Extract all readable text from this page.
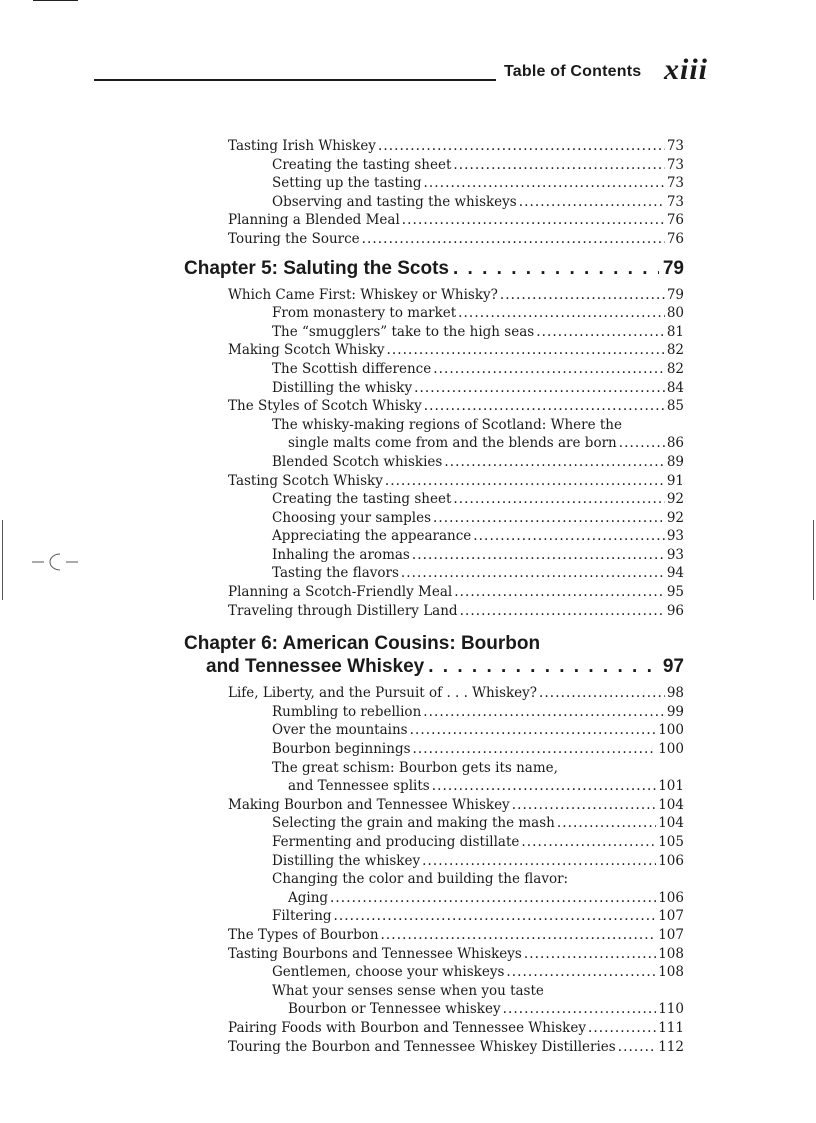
Table of Contents xiii
Tasting Irish Whiskey . . .	73
Creating the tasting sheet . . .	73
Setting up the tasting . . .	73
Observing and tasting the whiskeys . . .	73
Planning a Blended Meal . . .	76
Touring the Source . . .	76
Chapter 5: Saluting the Scots . . .	79
Which Came First: Whiskey or Whisky? . . .	79
From monastery to market . . .	80
The “smugglers” take to the high seas . . .	81
Making Scotch Whisky . . .	82
The Scottish difference . . .	82
Distilling the whisky . . .	84
The Styles of Scotch Whisky . . .	85
The whisky-making regions of Scotland: Where the
single malts come from and the blends are born . . .	86
Blended Scotch whiskies . . .	89
Tasting Scotch Whisky . . .	91
Creating the tasting sheet . . .	92
Choosing your samples . . .	92
Appreciating the appearance . . .	93
Inhaling the aromas . . .	93
Tasting the flavors . . .	94
Planning a Scotch-Friendly Meal . . .	95
Traveling through Distillery Land . . .	96
Chapter 6: American Cousins: Bourbon
and Tennessee Whiskey . . .	97
Life, Liberty, and the Pursuit of . . . Whiskey? . . .	98
Rumbling to rebellion . . .	99
Over the mountains . . .	100
Bourbon beginnings . . .	100
The great schism: Bourbon gets its name,
and Tennessee splits . . .	101
Making Bourbon and Tennessee Whiskey . . .	104
Selecting the grain and making the mash . . .	104
Fermenting and producing distillate . . .	105
Distilling the whiskey . . .	106
Changing the color and building the flavor:
Aging . . .	106
Filtering . . .	107
The Types of Bourbon . . .	107
Tasting Bourbons and Tennessee Whiskeys . . .	108
Gentlemen, choose your whiskeys . . .	108
What your senses sense when you taste
Bourbon or Tennessee whiskey . . .	110
Pairing Foods with Bourbon and Tennessee Whiskey . . .	111
Touring the Bourbon and Tennessee Whiskey Distilleries . . .	112
